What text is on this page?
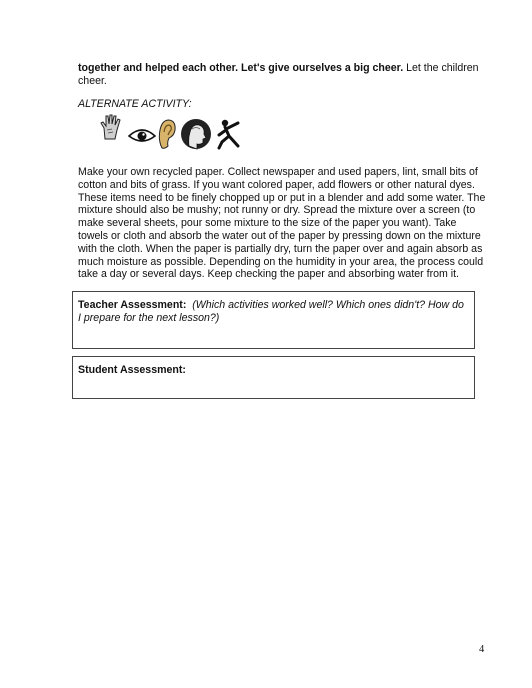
together and helped each other. Let's give ourselves a big cheer. Let the children cheer.
ALTERNATE ACTIVITY:
Make your own recycled paper. Collect newspaper and used papers, lint, small bits of cotton and bits of grass. If you want colored paper, add flowers or other natural dyes. These items need to be finely chopped up or put in a blender and add some water. The mixture should also be mushy; not runny or dry. Spread the mixture over a screen (to make several sheets, pour some mixture to the size of the paper you want). Take towels or cloth and absorb the water out of the paper by pressing down on the mixture with the cloth. When the paper is partially dry, turn the paper over and again absorb as much moisture as possible. Depending on the humidity in your area, the process could take a day or several days. Keep checking the paper and absorbing water from it.
Teacher Assessment: (Which activities worked well? Which ones didn't? How do I prepare for the next lesson?)
Student Assessment:
4
